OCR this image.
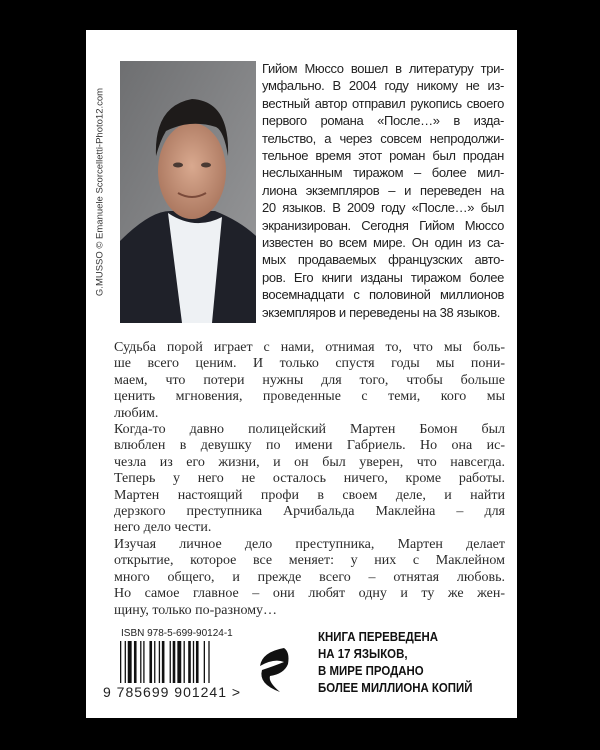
G.MUSSO © Emanuele Scorcelletti-Photo12.com
Гийом Мюссо вошел в литературу три-
умфально. В 2004 году никому не из-
вестный автор отправил рукопись своего
первого романа «После…» в изда-
тельство, а через совсем непродолжи-
тельное время этот роман был продан
неслыханным тиражом – более мил-
лиона экземпляров – и переведен на
20 языков. В 2009 году «После…» был
экранизирован. Сегодня Гийом Мюссо
известен во всем мире. Он один из са-
мых продаваемых французских авто-
ров. Его книги изданы тиражом более
восемнадцати с половиной миллионов
экземпляров и переведены на 38 языков.
Судьба порой играет с нами, отнимая то, что мы боль-
ше всего ценим. И только спустя годы мы пони-
маем, что потери нужны для того, чтобы больше
ценить мгновения, проведенные с теми, кого мы
любим.
Когда-то давно полицейский Мартен Бомон был
влюблен в девушку по имени Габриель. Но она ис-
чезла из его жизни, и он был уверен, что навсегда.
Теперь у него не осталось ничего, кроме работы.
Мартен настоящий профи в своем деле, и найти
дерзкого преступника Арчибальда Маклейна – для
него дело чести.
Изучая личное дело преступника, Мартен делает
открытие, которое все меняет: у них с Маклейном
много общего, и прежде всего – отнятая любовь.
Но самое главное – они любят одну и ту же жен-
щину, только по-разному…
ISBN 978-5-699-90124-1
9 785699 901241 >
КНИГА ПЕРЕВЕДЕНА
НА 17 ЯЗЫКОВ,
В МИРЕ ПРОДАНО
БОЛЕЕ МИЛЛИОНА КОПИЙ
